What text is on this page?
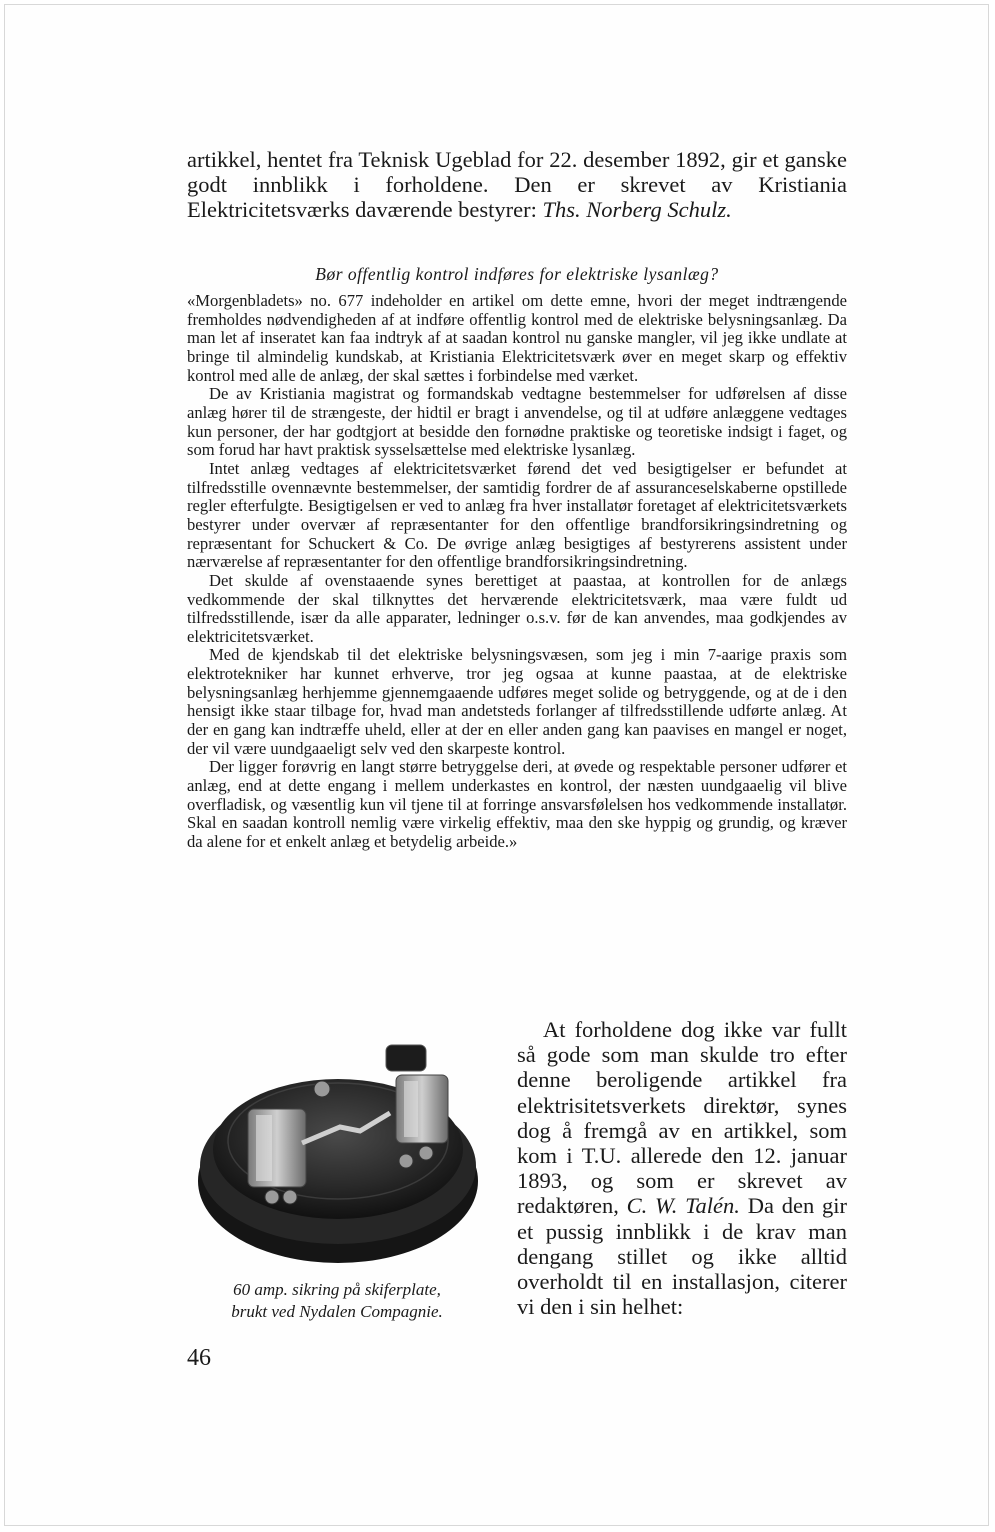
artikkel, hentet fra Teknisk Ugeblad for 22. desember 1892, gir et ganske godt innblikk i forholdene. Den er skrevet av Kristiania Elektricitetsværks daværende bestyrer: Ths. Norberg Schulz.

Bør offentlig kontrol indføres for elektriske lysanlæg?

«Morgenbladets» no. 677 indeholder en artikel om dette emne, hvori der meget indtrængende fremholdes nødvendigheden af at indføre offentlig kontrol med de elektriske belysningsanlæg. Da man let af inseratet kan faa indtryk af at saadan kontrol nu ganske mangler, vil jeg ikke undlate at bringe til almindelig kundskab, at Kristiania Elektricitetsværk øver en meget skarp og effektiv kontrol med alle de anlæg, der skal sættes i forbindelse med værket.

De av Kristiania magistrat og formandskab vedtagne bestemmelser for udførelsen af disse anlæg hører til de strængeste, der hidtil er bragt i anvendelse, og til at udføre anlæggene vedtages kun personer, der har godtgjort at besidde den fornødne praktiske og teoretiske indsigt i faget, og som forud har havt praktisk sysselsættelse med elektriske lysanlæg.

Intet anlæg vedtages af elektricitetsværket førend det ved besigtigelser er befundet at tilfredsstille ovennævnte bestemmelser, der samtidig fordrer de af assuranceselskaberne opstillede regler efterfulgte. Besigtigelsen er ved to anlæg fra hver installatør foretaget af elektricitetsværkets bestyrer under overvær af repræsentanter for den offentlige brandforsikringsindretning og repræsentant for Schuckert & Co. De øvrige anlæg besigtiges af bestyrerens assistent under nærværelse af repræsentanter for den offentlige brandforsikringsindretning.

Det skulde af ovenstaaende synes berettiget at paastaa, at kontrollen for de anlægs vedkommende der skal tilknyttes det herværende elektricitetsværk, maa være fuldt ud tilfredsstillende, især da alle apparater, ledninger o.s.v. før de kan anvendes, maa godkjendes av elektricitetsværket.

Med de kjendskab til det elektriske belysningsvæsen, som jeg i min 7-aarige praxis som elektrotekniker har kunnet erhverve, tror jeg ogsaa at kunne paastaa, at de elektriske belysningsanlæg herhjemme gjennemgaaende udføres meget solide og betryggende, og at de i den hensigt ikke staar tilbage for, hvad man andetsteds forlanger af tilfredsstillende udførte anlæg. At der en gang kan indtræffe uheld, eller at der en eller anden gang kan paavises en mangel er noget, der vil være uundgaaeligt selv ved den skarpeste kontrol.

Der ligger forøvrig en langt større betryggelse deri, at øvede og respektable personer udfører et anlæg, end at dette engang i mellem underkastes en kontrol, der næsten uundgaaelig vil blive overfladisk, og væsentlig kun vil tjene til at forringe ansvarsfølelsen hos vedkommende installatør. Skal en saadan kontroll nemlig være virkelig effektiv, maa den ske hyppig og grundig, og kræver da alene for et enkelt anlæg et betydelig arbeide.»

60 amp. sikring på skiferplate,
brukt ved Nydalen Compagnie.

At forholdene dog ikke var fullt så gode som man skulde tro efter denne beroligende artikkel fra elektrisitetsverkets direktør, synes dog å fremgå av en artikkel, som kom i T.U. allerede den 12. januar 1893, og som er skrevet av redaktøren, C. W. Talén. Da den gir et pussig innblikk i de krav man dengang stillet og ikke alltid overholdt til en installasjon, citerer vi den i sin helhet:

46
